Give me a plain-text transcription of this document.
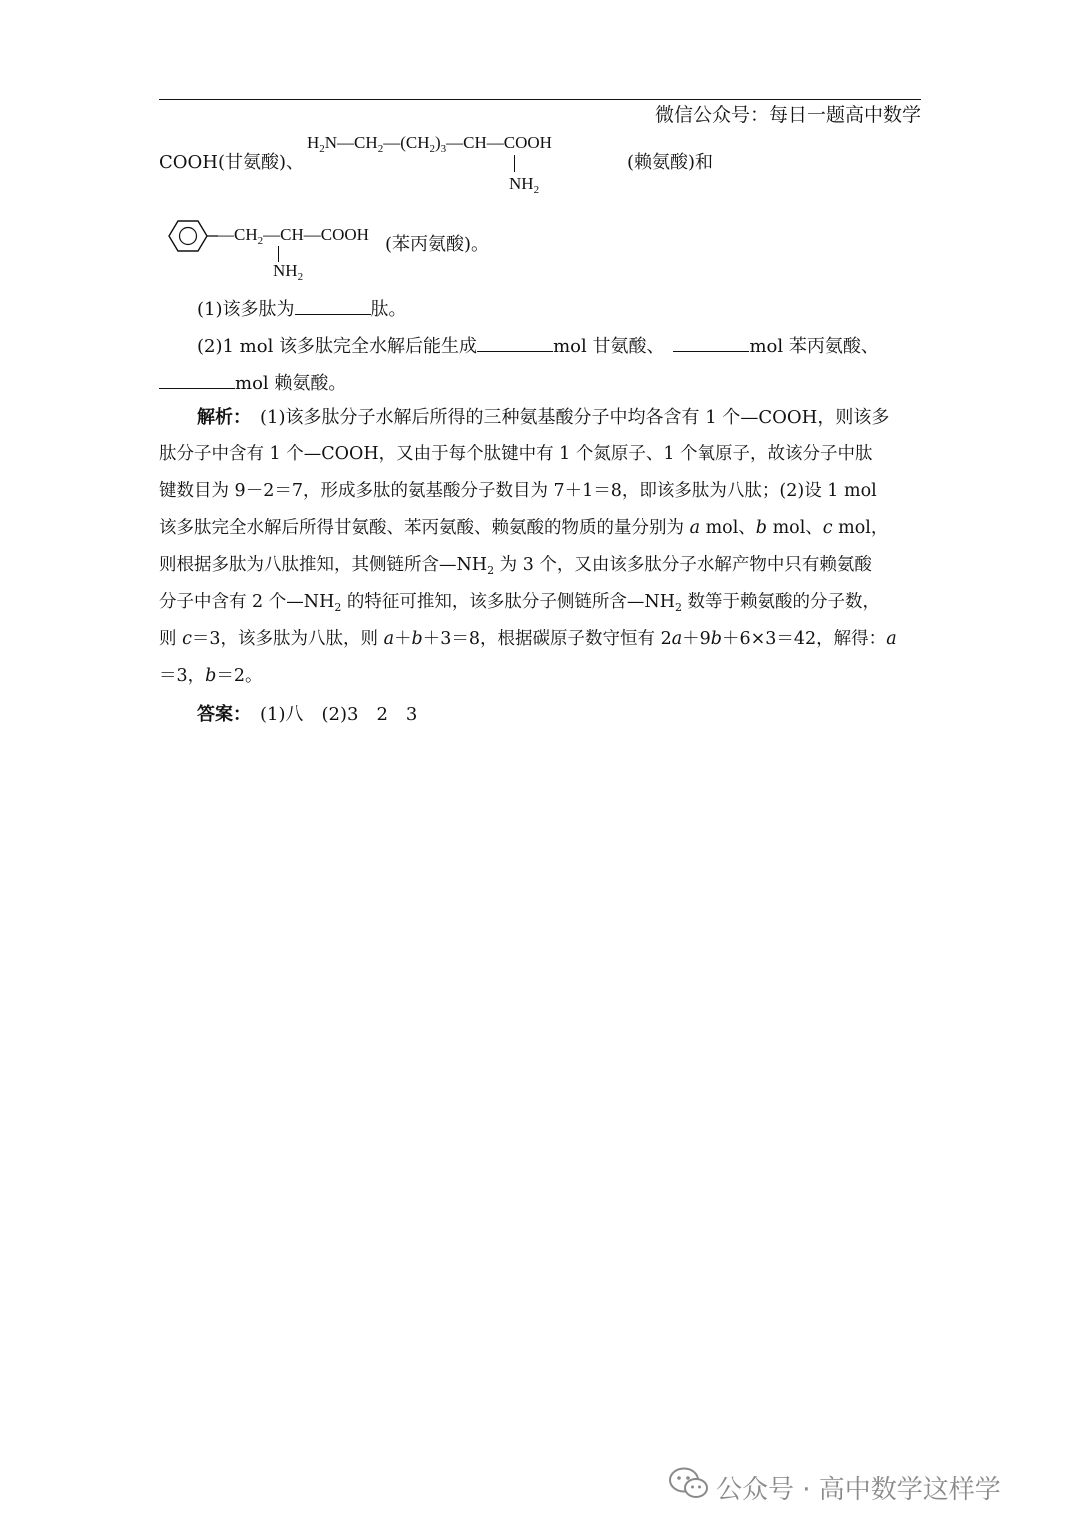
微信公众号：每日一题高中数学
COOH(甘氨酸)、
$H_2N—CH_2—(CH_2)_3—CH—COOH$
$NH_2$
(赖氨酸)和
$—CH_2—CH—COOH$
$NH_2$
(苯丙氨酸)。
(1)该多肽为	肽。
(2)1 mol 该多肽完全水解后能生成	mol 甘氨酸、　	mol 苯丙氨酸、
mol 赖氨酸。
解析：　 (1)该多肽分子水解后所得的三种氨基酸分子中均各含有 1 个—COOH，则该多
肽分子中含有 1 个—COOH，又由于每个肽键中有 1 个氮原子、1 个氧原子，故该分子中肽
键数目为 9－2＝7，形成多肽的氨基酸分子数目为 7＋1＝8，即该多肽为八肽；(2)设 1 mol
该多肽完全水解后所得甘氨酸、苯丙氨酸、赖氨酸的物质的量分别为 a mol、b mol、c mol，
则根据多肽为八肽推知，其侧链所含$—NH_2$ 为 3 个，又由该多肽分子水解产物中只有赖氨酸
分子中含有 2 个$—NH_2$ 的特征可推知，该多肽分子侧链所含$—NH_2$ 数等于赖氨酸的分子数，
则 c＝3，该多肽为八肽，则 a＋b＋3＝8，根据碳原子数守恒有 2a＋9b＋6×3＝42，解得：a
＝3，b＝2。
答案：　 (1)八　(2)3　2　3
公众号 · 高中数学这样学
